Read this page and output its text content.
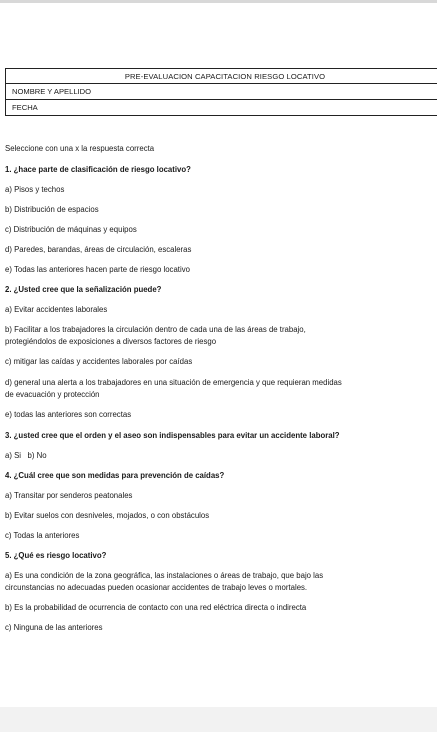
PRE-EVALUACION CAPACITACION RIESGO LOCATIVO
NOMBRE Y APELLIDO
FECHA
Seleccione con una x la respuesta correcta
1. ¿hace parte de clasificación de riesgo locativo?
a) Pisos y techos
b) Distribución de espacios
c) Distribución de máquinas y equipos
d) Paredes, barandas, áreas de circulación, escaleras
e) Todas las anteriores hacen parte de riesgo locativo
2. ¿Usted cree que la señalización puede?
a) Evitar accidentes laborales
b) Facilitar a los trabajadores la circulación dentro de cada una de las áreas de trabajo,
protegiéndolos de exposiciones a diversos factores de riesgo
c) mitigar las caídas y accidentes laborales por caídas
d) general una alerta a los trabajadores en una situación de emergencia y que requieran medidas
de evacuación y protección
e) todas las anteriores son correctas
3. ¿usted cree que el orden y el aseo son indispensables para evitar un accidente laboral?
a) Si   b) No
4. ¿Cuál cree que son medidas para prevención de caídas?
a) Transitar por senderos peatonales
b) Evitar suelos con desniveles, mojados, o con obstáculos
c) Todas la anteriores
5. ¿Qué es riesgo locativo?
a) Es una condición de la zona geográfica, las instalaciones o áreas de trabajo, que bajo las
circunstancias no adecuadas pueden ocasionar accidentes de trabajo leves o mortales.
b) Es la probabilidad de ocurrencia de contacto con una red eléctrica directa o indirecta
c) Ninguna de las anteriores
